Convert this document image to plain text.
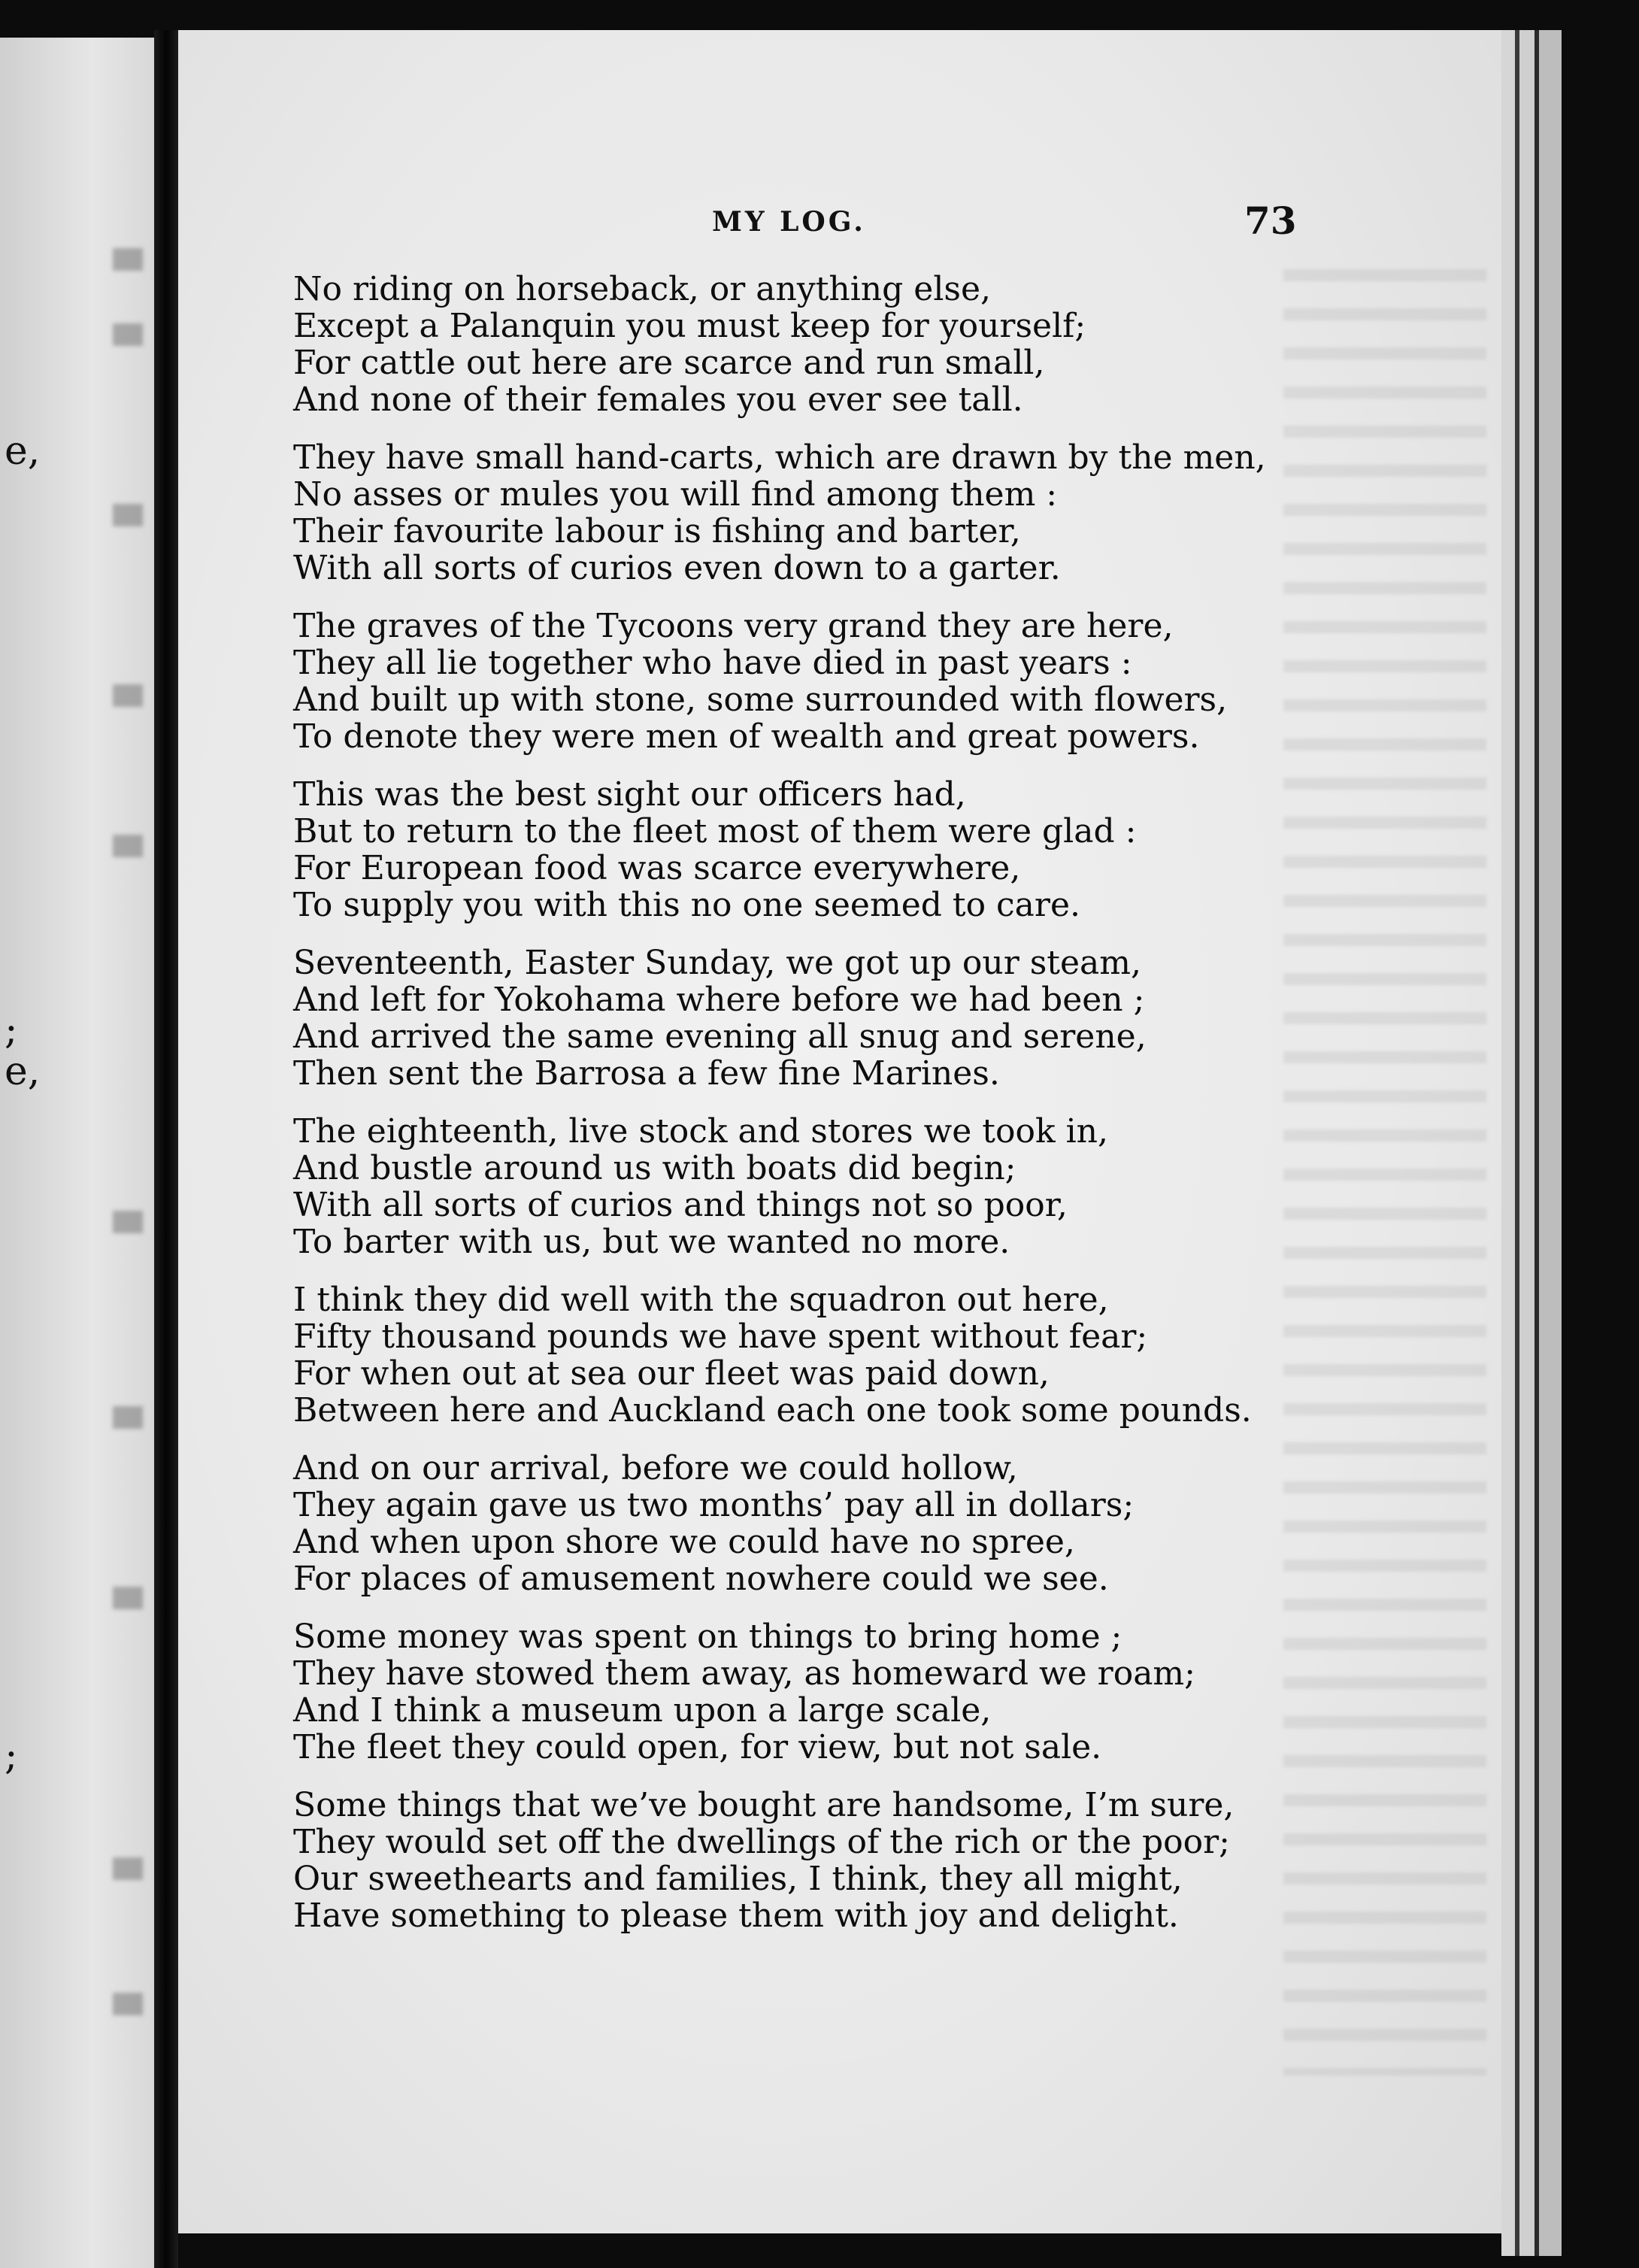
e,
;
e,
;
MY LOG.	73
No riding on horseback, or anything else,
Except a Palanquin you must keep for yourself;
For cattle out here are scarce and run small,
And none of their females you ever see tall.
They have small hand-carts, which are drawn by the men,
No asses or mules you will find among them :
Their favourite labour is fishing and barter,
With all sorts of curios even down to a garter.
The graves of the Tycoons very grand they are here,
They all lie together who have died in past years :
And built up with stone, some surrounded with flowers,
To denote they were men of wealth and great powers.
This was the best sight our officers had,
But to return to the fleet most of them were glad :
For European food was scarce everywhere,
To supply you with this no one seemed to care.
Seventeenth, Easter Sunday, we got up our steam,
And left for Yokohama where before we had been ;
And arrived the same evening all snug and serene,
Then sent the Barrosa a few fine Marines.
The eighteenth, live stock and stores we took in,
And bustle around us with boats did begin;
With all sorts of curios and things not so poor,
To barter with us, but we wanted no more.
I think they did well with the squadron out here,
Fifty thousand pounds we have spent without fear;
For when out at sea our fleet was paid down,
Between here and Auckland each one took some pounds.
And on our arrival, before we could hollow,
They again gave us two months’ pay all in dollars;
And when upon shore we could have no spree,
For places of amusement nowhere could we see.
Some money was spent on things to bring home ;
They have stowed them away, as homeward we roam;
And I think a museum upon a large scale,
The fleet they could open, for view, but not sale.
Some things that we’ve bought are handsome, I’m sure,
They would set off the dwellings of the rich or the poor;
Our sweethearts and families, I think, they all might,
Have something to please them with joy and delight.
